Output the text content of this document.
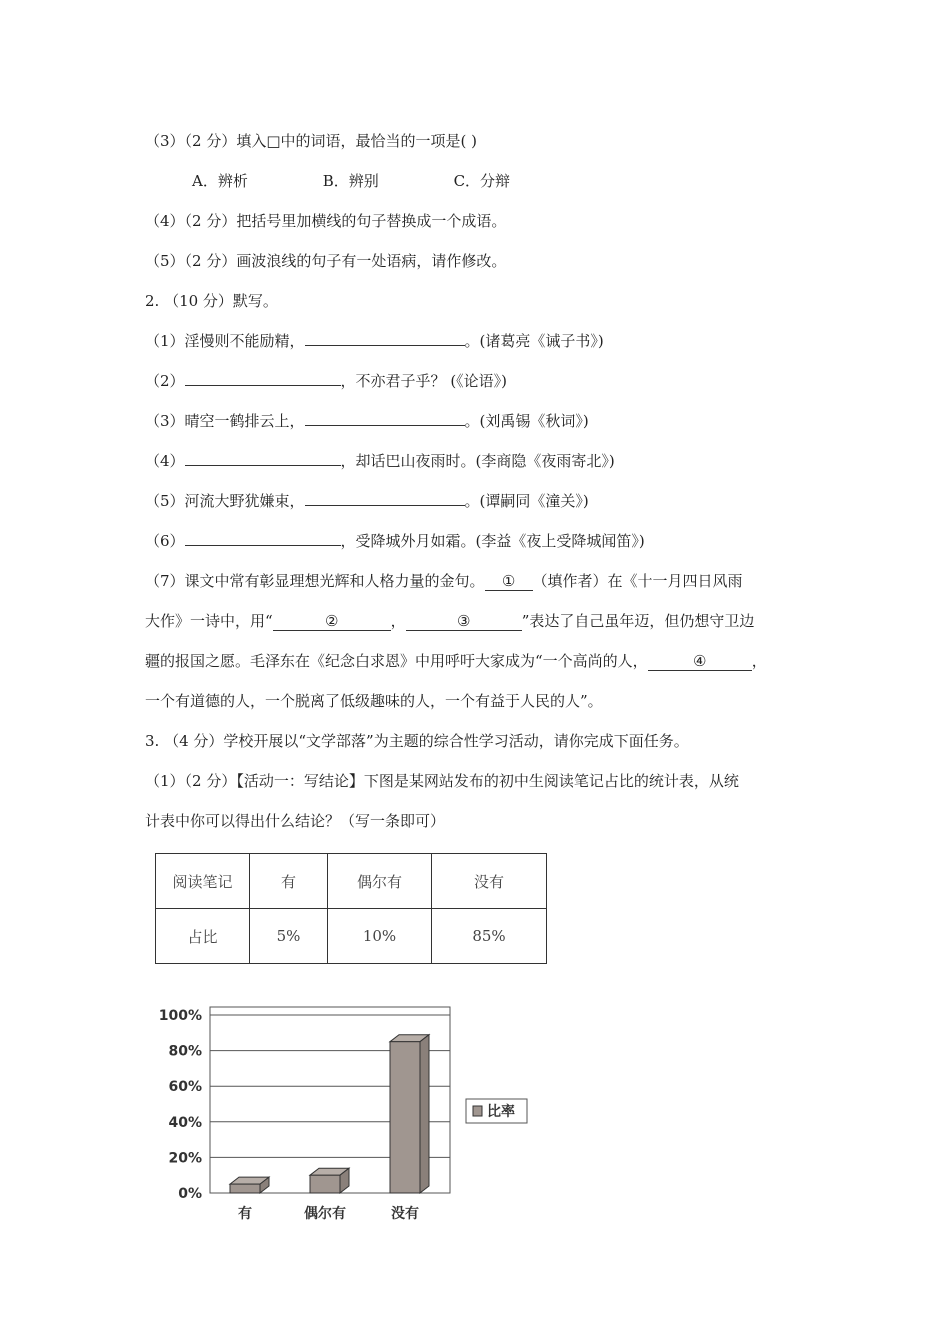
（3）（2 分）填入□中的词语，最恰当的一项是( )
A．辨析	B．辨别	C．分辩
（4）（2 分）把括号里加横线的句子替换成一个成语。
（5）（2 分）画波浪线的句子有一处语病，请作修改。
2. （10 分）默写。
（1）淫慢则不能励精，	。(诸葛亮《诫子书》)
（2）	，不亦君子乎？ (《论语》)
（3）晴空一鹤排云上，	。(刘禹锡《秋词》)
（4）	，却话巴山夜雨时。(李商隐《夜雨寄北》)
（5）河流大野犹嫌束，	。(谭嗣同《潼关》)
（6）	，受降城外月如霜。(李益《夜上受降城闻笛》)
（7）课文中常有彰显理想光辉和人格力量的金句。 ① （填作者）在《十一月四日风雨
大作》一诗中，用“	②	，	③	”表达了自己虽年迈，但仍想守卫边
疆的报国之愿。毛泽东在《纪念白求恩》中用呼吁大家成为“一个高尚的人，	④	，
一个有道德的人，一个脱离了低级趣味的人，一个有益于人民的人”。
3. （4 分）学校开展以“文学部落”为主题的综合性学习活动，请你完成下面任务。
（1）（2 分）【活动一：写结论】下图是某网站发布的初中生阅读笔记占比的统计表，从统
计表中你可以得出什么结论？（写一条即可）
阅读笔记	有	偶尔有	没有
占比	5%	10%	85%
0%
20%
40%
60%
80%
100%
有	偶尔有	没有
比率
